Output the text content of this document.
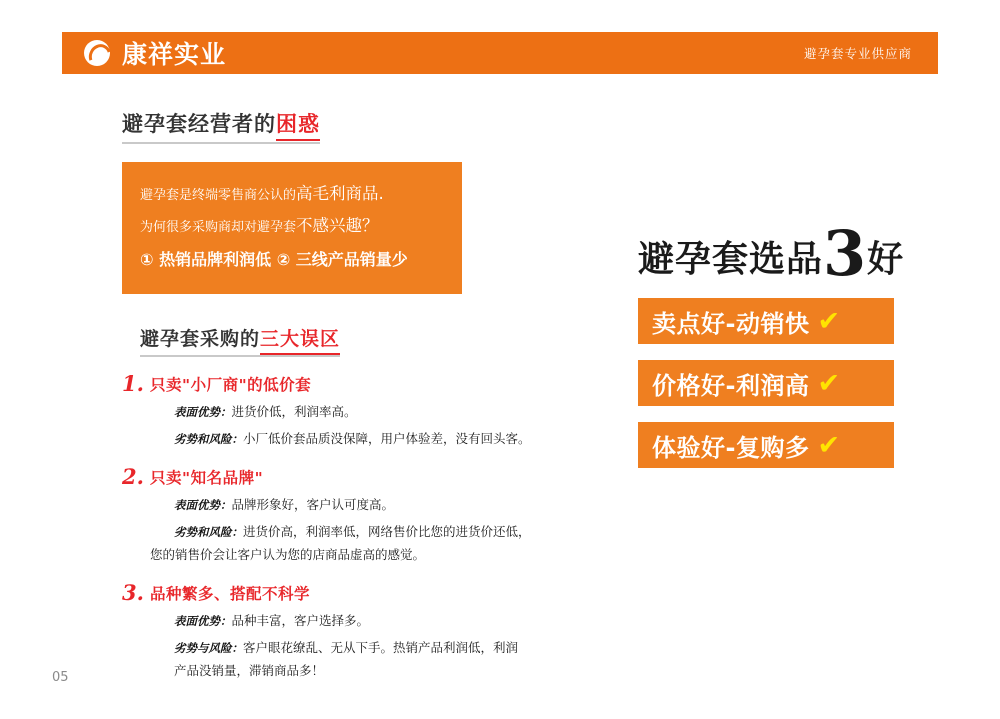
康祥实业	避孕套专业供应商
避孕套经营者的困惑
避孕套是终端零售商公认的高毛利商品.
为何很多采购商却对避孕套不感兴趣？
① 热销品牌利润低 ② 三线产品销量少
避孕套采购的三大误区
1. 只卖"小厂商"的低价套
表面优势：进货价低，利润率高。
劣势和风险：小厂低价套品质没保障，用户体验差，没有回头客。
2. 只卖"知名品牌"
表面优势：品牌形象好，客户认可度高。
劣势和风险：进货价高，利润率低，网络售价比您的进货价还低，
您的销售价会让客户认为您的店商品虚高的感觉。
3. 品种繁多、搭配不科学
表面优势：品种丰富，客户选择多。
劣势与风险：客户眼花缭乱、无从下手。热销产品利润低，利润
产品没销量，滞销商品多！
避孕套选品 3 好
卖点好-动销快 ✔
价格好-利润高 ✔
体验好-复购多 ✔
05
